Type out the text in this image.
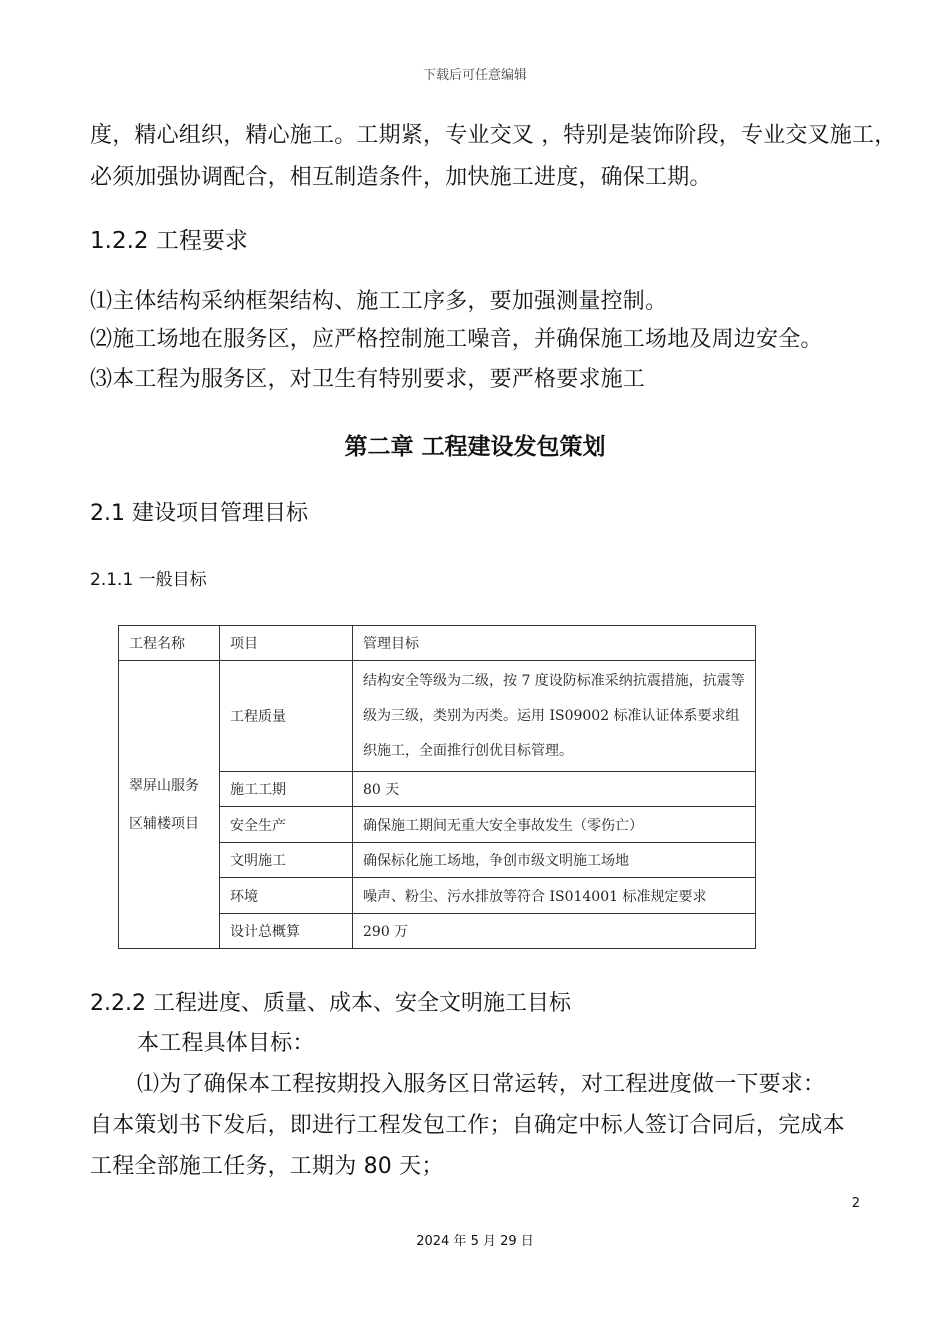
下载后可任意编辑
度，精心组织，精心施工。工期紧，专业交叉 ，特别是装饰阶段，专业交叉施工，
必须加强协调配合，相互制造条件，加快施工进度，确保工期。
1.2.2 工程要求
⑴主体结构采纳框架结构、施工工序多，要加强测量控制。
⑵施工场地在服务区，应严格控制施工噪音，并确保施工场地及周边安全。
⑶本工程为服务区，对卫生有特别要求，要严格要求施工
第二章 工程建设发包策划
2.1 建设项目管理目标
2.1.1 一般目标
工程名称	项目	管理目标

翠屏山服务
区辅楼项目	工程质量	结构安全等级为二级，按 7 度设防标准采纳抗震措施，抗震等级为三级，类别为丙类。运用 IS09002 标准认证体系要求组织施工，全面推行创优目标管理。
	施工工期	80 天
	安全生产	确保施工期间无重大安全事故发生（零伤亡）
	文明施工	确保标化施工场地，争创市级文明施工场地
	环境	噪声、粉尘、污水排放等符合 IS014001 标准规定要求
	设计总概算	290 万
2.2.2 工程进度、质量、成本、安全文明施工目标
本工程具体目标：
⑴为了确保本工程按期投入服务区日常运转，对工程进度做一下要求：
自本策划书下发后，即进行工程发包工作；自确定中标人签订合同后，完成本
工程全部施工任务，工期为 80 天；
2
2024 年 5 月 29 日
